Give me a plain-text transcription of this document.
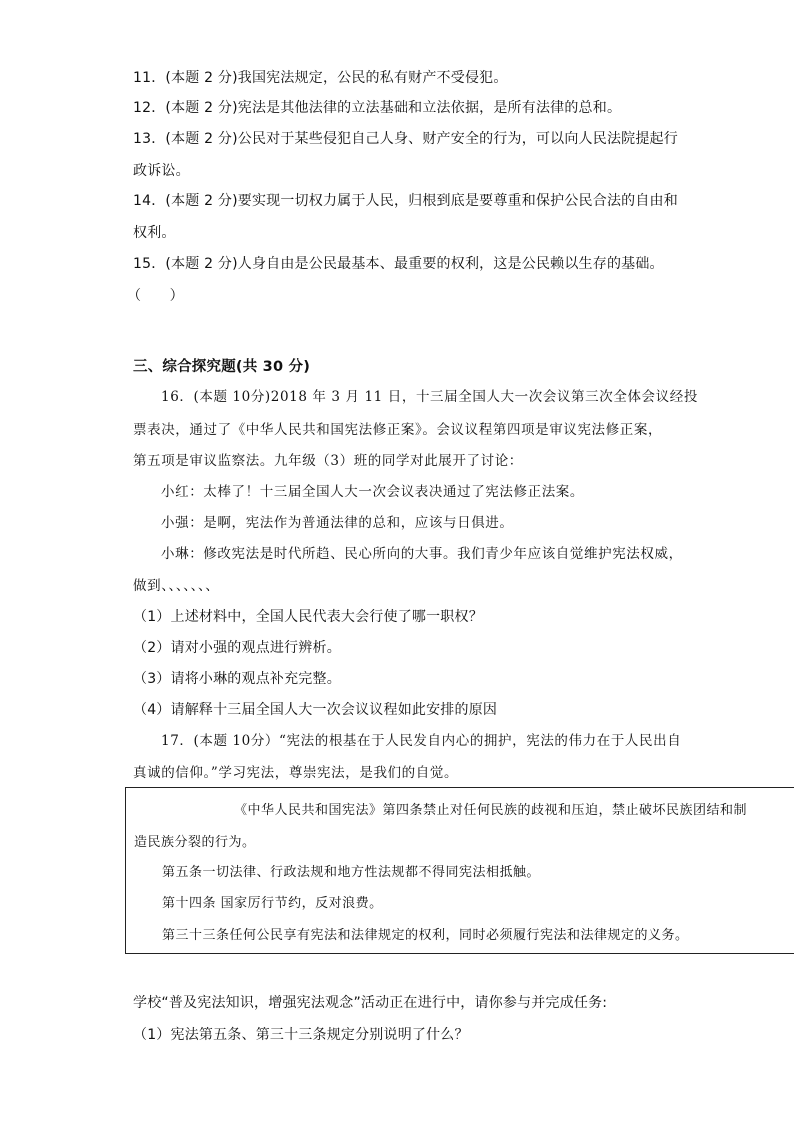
11．(本题 2 分)我国宪法规定，公民的私有财产不受侵犯。
12．(本题 2 分)宪法是其他法律的立法基础和立法依据，是所有法律的总和。
13．(本题 2 分)公民对于某些侵犯自己人身、财产安全的行为，可以向人民法院提起行
政诉讼。
14．(本题 2 分)要实现一切权力属于人民，归根到底是要尊重和保护公民合法的自由和
权利。
15．(本题 2 分)人身自由是公民最基本、最重要的权利，这是公民赖以生存的基础。
（　　）
三、综合探究题(共 30 分)
16．(本题 10分)2018 年 3 月 11 日，十三届全国人大一次会议第三次全体会议经投
票表决，通过了《中华人民共和国宪法修正案》。会议议程第四项是审议宪法修正案，
第五项是审议监察法。九年级（3）班的同学对此展开了讨论：
小红：太棒了！十三届全国人大一次会议表决通过了宪法修正法案。
小强：是啊，宪法作为普通法律的总和，应该与日俱进。
小琳：修改宪法是时代所趋、民心所向的大事。我们青少年应该自觉维护宪法权威，
做到、、、、、、、
（1）上述材料中，全国人民代表大会行使了哪一职权？
（2）请对小强的观点进行辨析。
（3）请将小琳的观点补充完整。
（4）请解释十三届全国人大一次会议议程如此安排的原因
17．(本题 10分）“宪法的根基在于人民发自内心的拥护，宪法的伟力在于人民出自
真诚的信仰。”学习宪法，尊崇宪法，是我们的自觉。
《中华人民共和国宪法》第四条禁止对任何民族的歧视和压迫，禁止破坏民族团结和制
造民族分裂的行为。
第五条一切法律、行政法规和地方性法规都不得同宪法相抵触。
第十四条 国家厉行节约，反对浪费。
第三十三条任何公民享有宪法和法律规定的权利，同时必须履行宪法和法律规定的义务。
学校“普及宪法知识，增强宪法观念”活动正在进行中，请你参与并完成任务:
（1）宪法第五条、第三十三条规定分别说明了什么？
